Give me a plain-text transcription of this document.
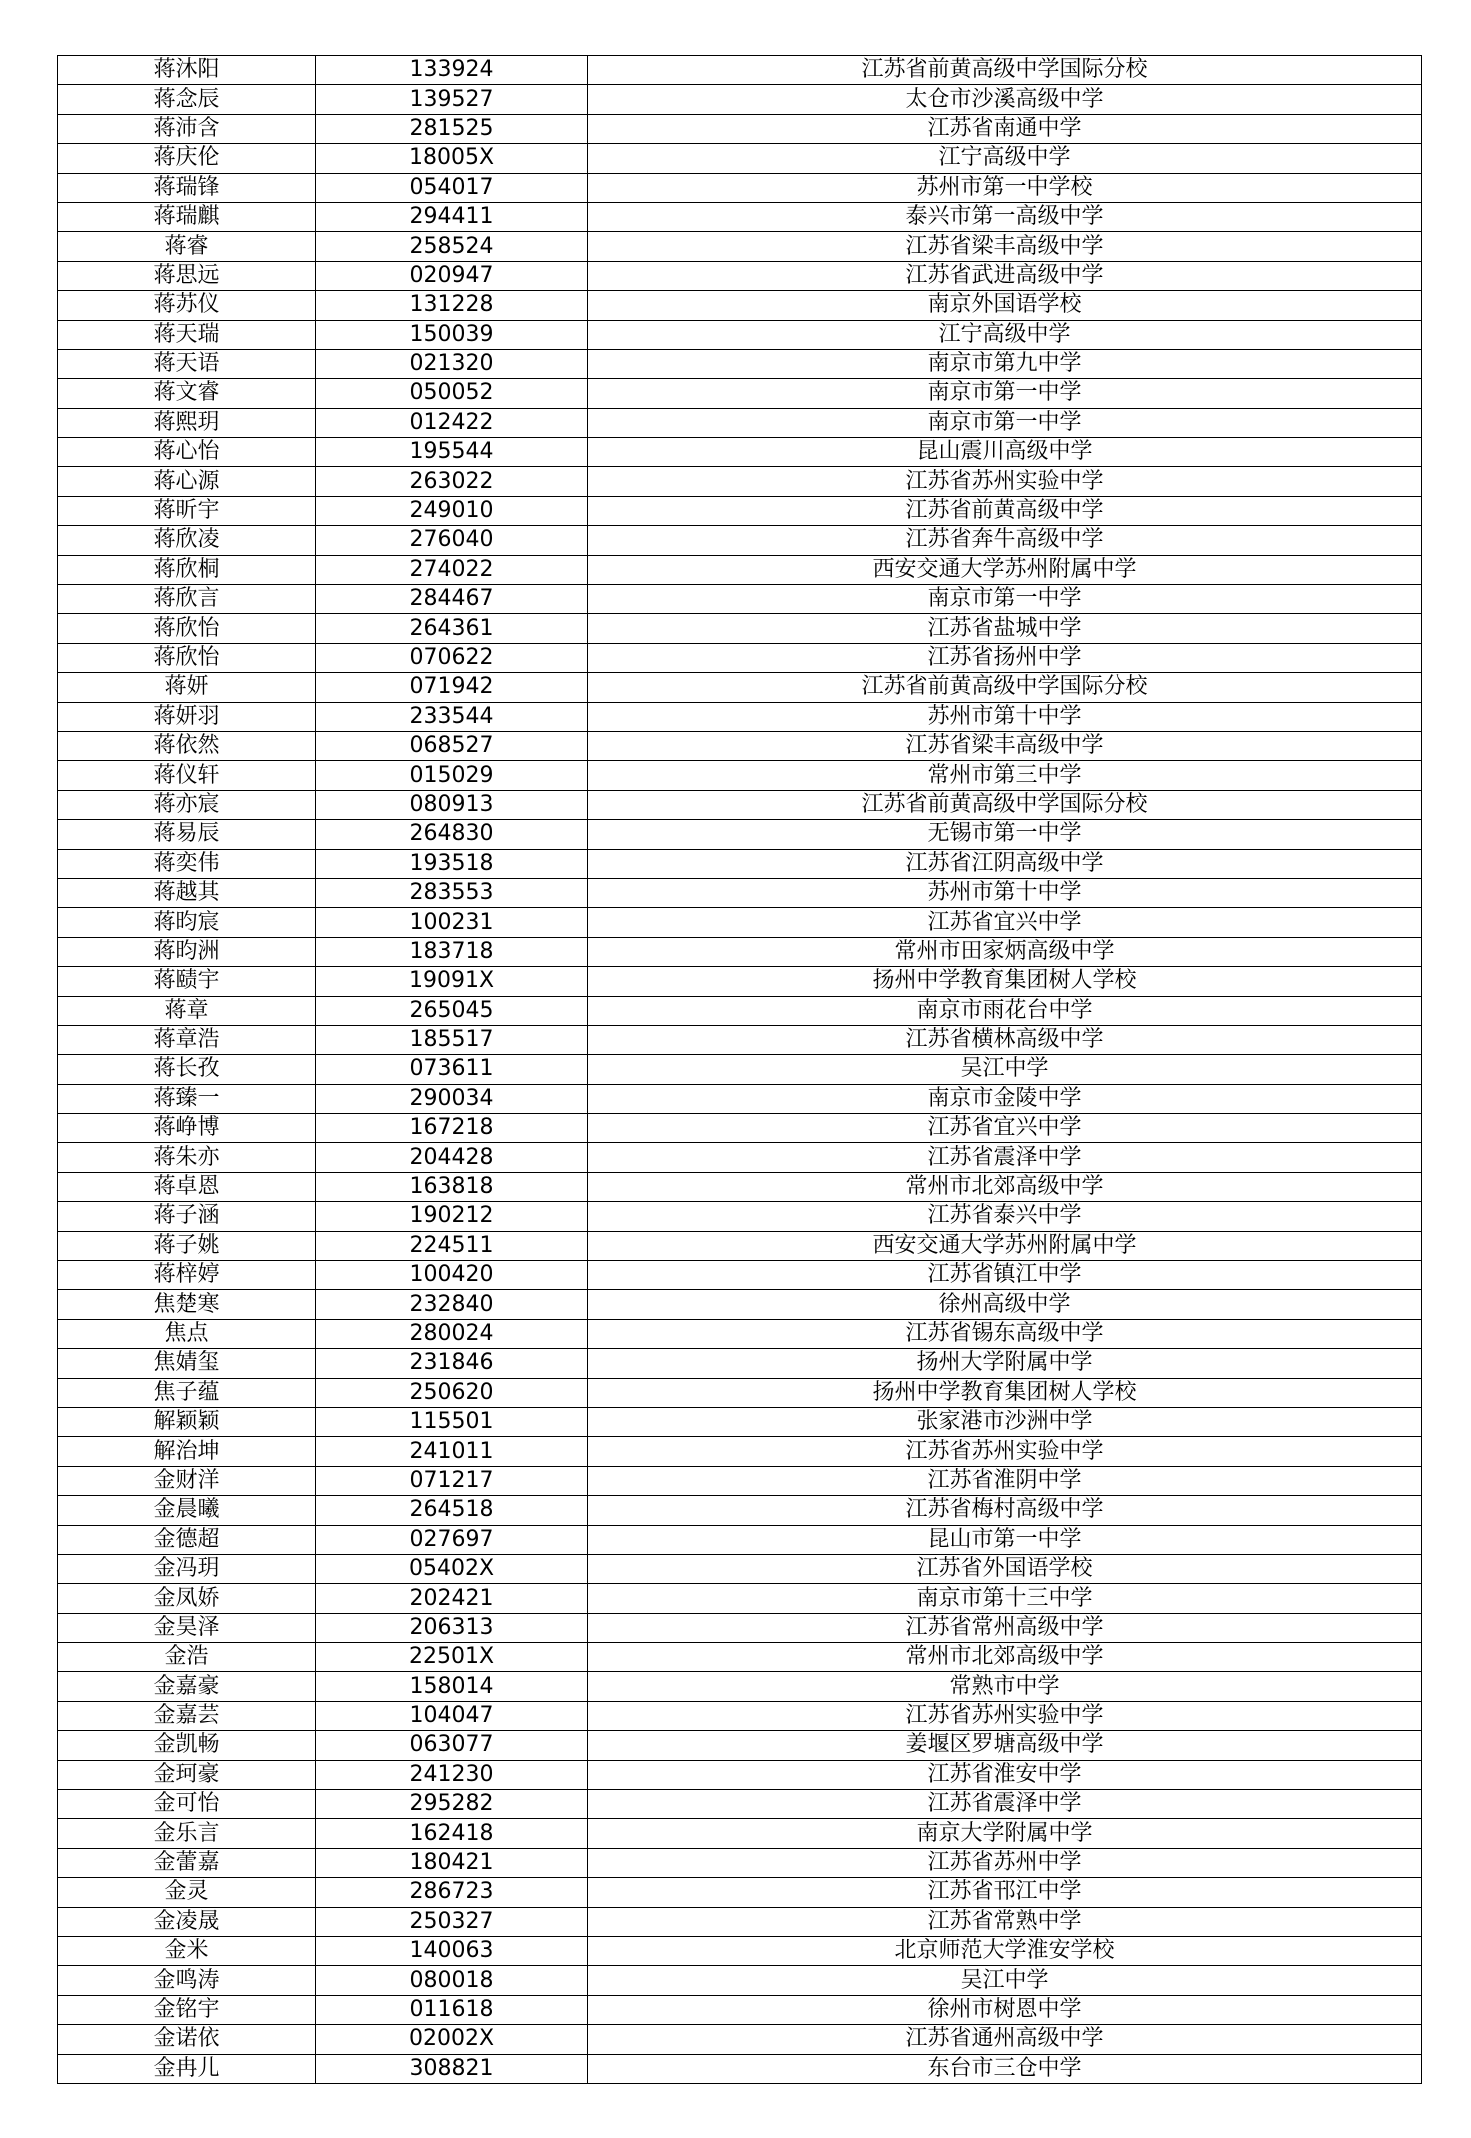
蒋沐阳	133924	江苏省前黄高级中学国际分校
蒋念辰	139527	太仓市沙溪高级中学
蒋沛含	281525	江苏省南通中学
蒋庆伦	18005X	江宁高级中学
蒋瑞锋	054017	苏州市第一中学校
蒋瑞麒	294411	泰兴市第一高级中学
蒋睿	258524	江苏省梁丰高级中学
蒋思远	020947	江苏省武进高级中学
蒋苏仪	131228	南京外国语学校
蒋天瑞	150039	江宁高级中学
蒋天语	021320	南京市第九中学
蒋文睿	050052	南京市第一中学
蒋熙玥	012422	南京市第一中学
蒋心怡	195544	昆山震川高级中学
蒋心源	263022	江苏省苏州实验中学
蒋昕宇	249010	江苏省前黄高级中学
蒋欣凌	276040	江苏省奔牛高级中学
蒋欣桐	274022	西安交通大学苏州附属中学
蒋欣言	284467	南京市第一中学
蒋欣怡	264361	江苏省盐城中学
蒋欣怡	070622	江苏省扬州中学
蒋妍	071942	江苏省前黄高级中学国际分校
蒋妍羽	233544	苏州市第十中学
蒋依然	068527	江苏省梁丰高级中学
蒋仪轩	015029	常州市第三中学
蒋亦宸	080913	江苏省前黄高级中学国际分校
蒋易辰	264830	无锡市第一中学
蒋奕伟	193518	江苏省江阴高级中学
蒋越其	283553	苏州市第十中学
蒋昀宸	100231	江苏省宜兴中学
蒋昀洲	183718	常州市田家炳高级中学
蒋赜宇	19091X	扬州中学教育集团树人学校
蒋章	265045	南京市雨花台中学
蒋章浩	185517	江苏省横林高级中学
蒋长孜	073611	吴江中学
蒋臻一	290034	南京市金陵中学
蒋峥博	167218	江苏省宜兴中学
蒋朱亦	204428	江苏省震泽中学
蒋卓恩	163818	常州市北郊高级中学
蒋子涵	190212	江苏省泰兴中学
蒋子姚	224511	西安交通大学苏州附属中学
蒋梓婷	100420	江苏省镇江中学
焦楚寒	232840	徐州高级中学
焦点	280024	江苏省锡东高级中学
焦婧玺	231846	扬州大学附属中学
焦子蕴	250620	扬州中学教育集团树人学校
解颖颖	115501	张家港市沙洲中学
解治坤	241011	江苏省苏州实验中学
金财洋	071217	江苏省淮阴中学
金晨曦	264518	江苏省梅村高级中学
金德超	027697	昆山市第一中学
金冯玥	05402X	江苏省外国语学校
金凤娇	202421	南京市第十三中学
金昊泽	206313	江苏省常州高级中学
金浩	22501X	常州市北郊高级中学
金嘉豪	158014	常熟市中学
金嘉芸	104047	江苏省苏州实验中学
金凯畅	063077	姜堰区罗塘高级中学
金珂豪	241230	江苏省淮安中学
金可怡	295282	江苏省震泽中学
金乐言	162418	南京大学附属中学
金蕾嘉	180421	江苏省苏州中学
金灵	286723	江苏省邗江中学
金凌晟	250327	江苏省常熟中学
金米	140063	北京师范大学淮安学校
金鸣涛	080018	吴江中学
金铭宇	011618	徐州市树恩中学
金诺依	02002X	江苏省通州高级中学
金冉儿	308821	东台市三仓中学
